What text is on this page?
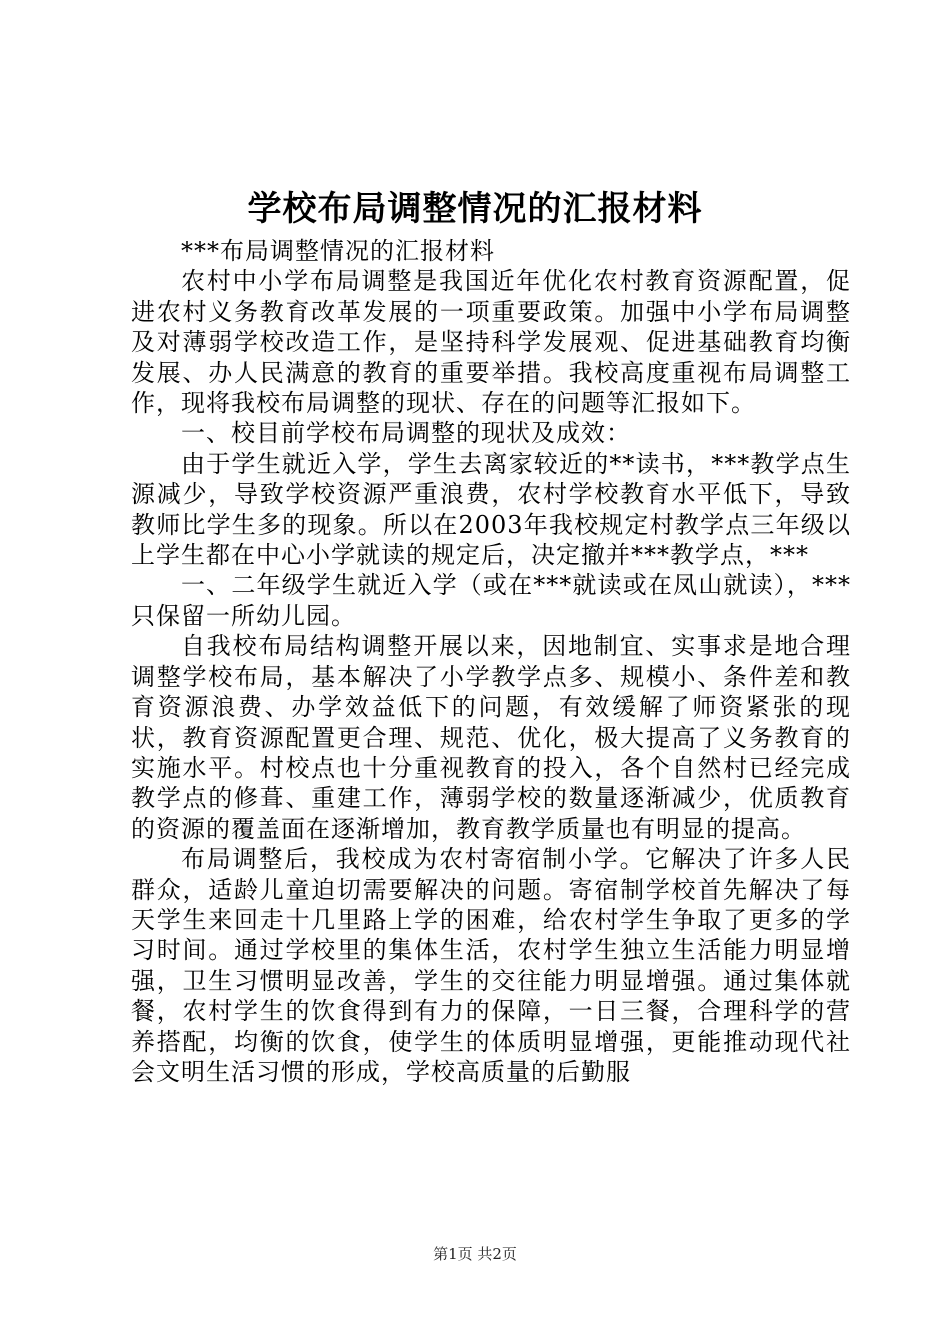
学校布局调整情况的汇报材料

***布局调整情况的汇报材料

农村中小学布局调整是我国近年优化农村教育资源配置，促进农村义务教育改革发展的一项重要政策。加强中小学布局调整及对薄弱学校改造工作，是坚持科学发展观、促进基础教育均衡发展、办人民满意的教育的重要举措。我校高度重视布局调整工作，现将我校布局调整的现状、存在的问题等汇报如下。

一、校目前学校布局调整的现状及成效：

由于学生就近入学，学生去离家较近的**读书，***教学点生源减少，导致学校资源严重浪费，农村学校教育水平低下，导致教师比学生多的现象。所以在2003年我校规定村教学点三年级以上学生都在中心小学就读的规定后，决定撤并***教学点，***

一、二年级学生就近入学（或在***就读或在凤山就读），***只保留一所幼儿园。

自我校布局结构调整开展以来，因地制宜、实事求是地合理调整学校布局，基本解决了小学教学点多、规模小、条件差和教育资源浪费、办学效益低下的问题，有效缓解了师资紧张的现状，教育资源配置更合理、规范、优化，极大提高了义务教育的实施水平。村校点也十分重视教育的投入，各个自然村已经完成教学点的修葺、重建工作，薄弱学校的数量逐渐减少，优质教育的资源的覆盖面在逐渐增加，教育教学质量也有明显的提高。

布局调整后，我校成为农村寄宿制小学。它解决了许多人民群众，适龄儿童迫切需要解决的问题。寄宿制学校首先解决了每天学生来回走十几里路上学的困难，给农村学生争取了更多的学习时间。通过学校里的集体生活，农村学生独立生活能力明显增强，卫生习惯明显改善，学生的交往能力明显增强。通过集体就餐，农村学生的饮食得到有力的保障，一日三餐，合理科学的营养搭配，均衡的饮食，使学生的体质明显增强，更能推动现代社会文明生活习惯的形成，学校高质量的后勤服

第1页 共2页
